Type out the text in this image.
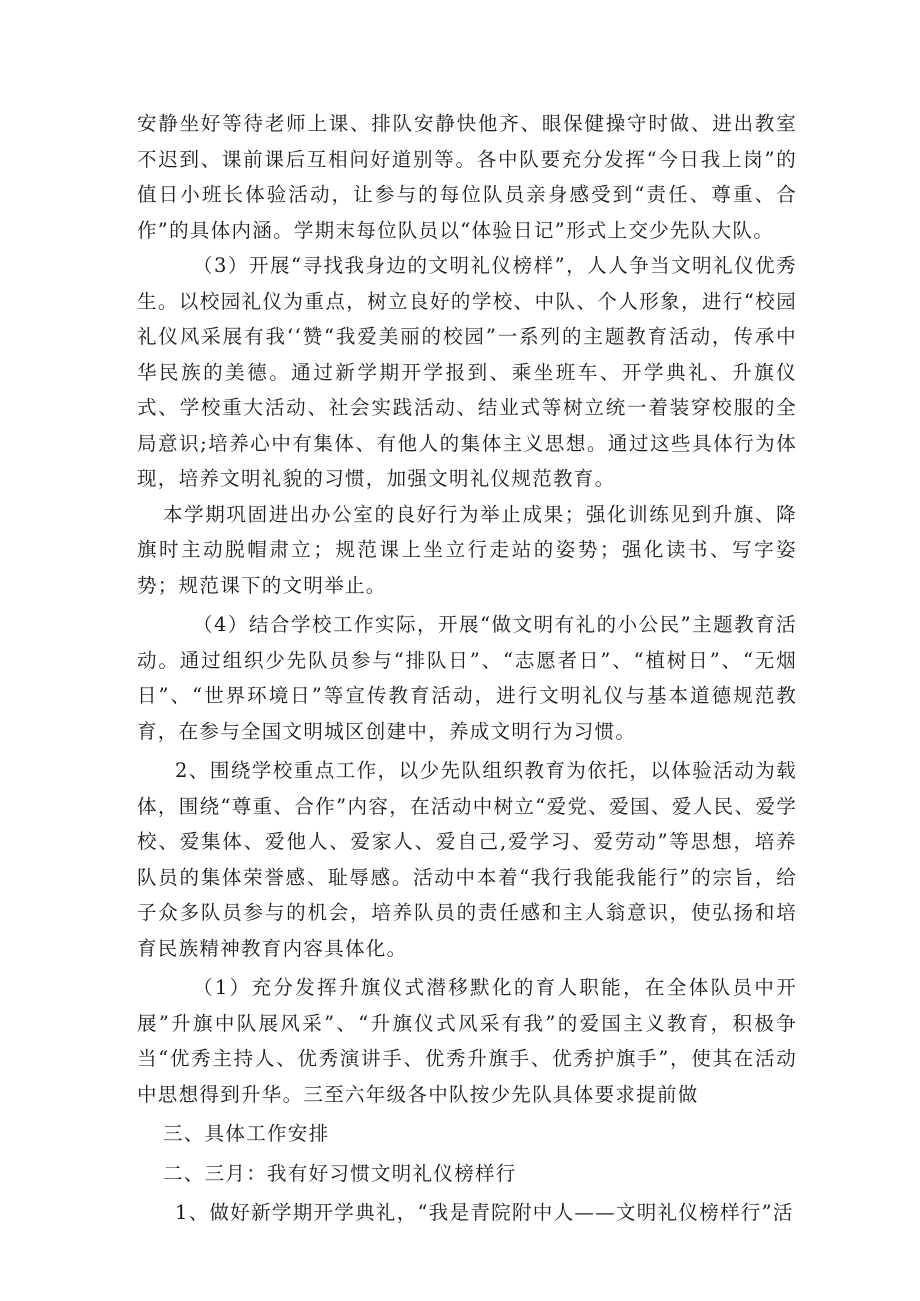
安静坐好等待老师上课、排队安静快他齐、眼保健操守时做、进出教室不迟到、课前课后互相问好道别等。各中队要充分发挥“今日我上岗”的值日小班长体验活动，让参与的每位队员亲身感受到“责任、尊重、合作”的具体内涵。学期末每位队员以“体验日记”形式上交少先队大队。

（3）开展“寻找我身边的文明礼仪榜样”，人人争当文明礼仪优秀生。以校园礼仪为重点，树立良好的学校、中队、个人形象，进行“校园礼仪风采展有我‘‘赞“我爱美丽的校园”一系列的主题教育活动，传承中华民族的美德。通过新学期开学报到、乘坐班车、开学典礼、升旗仪式、学校重大活动、社会实践活动、结业式等树立统一着装穿校服的全局意识;培养心中有集体、有他人的集体主义思想。通过这些具体行为体现，培养文明礼貌的习惯，加强文明礼仪规范教育。

本学期巩固进出办公室的良好行为举止成果；强化训练见到升旗、降旗时主动脱帽肃立；规范课上坐立行走站的姿势；强化读书、写字姿势；规范课下的文明举止。

（4）结合学校工作实际，开展“做文明有礼的小公民”主题教育活动。通过组织少先队员参与“排队日”、“志愿者日”、“植树日”、“无烟日”、“世界环境日”等宣传教育活动，进行文明礼仪与基本道德规范教育，在参与全国文明城区创建中，养成文明行为习惯。

2、围绕学校重点工作，以少先队组织教育为依托，以体验活动为载体，围绕“尊重、合作”内容，在活动中树立“爱党、爱国、爱人民、爱学校、爱集体、爱他人、爱家人、爱自己,爱学习、爱劳动”等思想，培养队员的集体荣誉感、耻辱感。活动中本着“我行我能我能行”的宗旨，给子众多队员参与的机会，培养队员的责任感和主人翁意识，使弘扬和培育民族精神教育内容具体化。

（1）充分发挥升旗仪式潜移默化的育人职能，在全体队员中开展”升旗中队展风采”、“升旗仪式风采有我”的爱国主义教育，积极争当“优秀主持人、优秀演讲手、优秀升旗手、优秀护旗手”，使其在活动中思想得到升华。三至六年级各中队按少先队具体要求提前做

三、具体工作安排

二、三月：我有好习惯文明礼仪榜样行

1、做好新学期开学典礼，“我是青院附中人——文明礼仪榜样行”活
